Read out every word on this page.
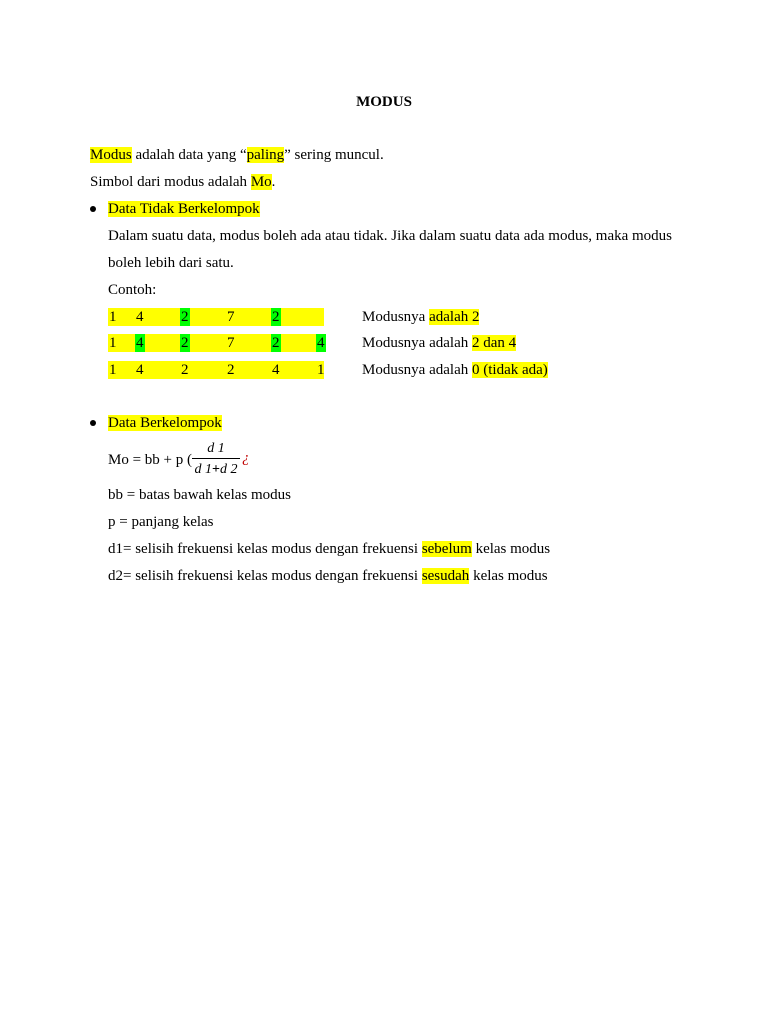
MODUS
Modus adalah data yang “paling” sering muncul.
Simbol dari modus adalah Mo.
Data Tidak Berkelompok
Dalam suatu data, modus boleh ada atau tidak. Jika dalam suatu data ada modus, maka modus
boleh lebih dari satu.
Contoh:
1 4	2	7	2	Modusnya adalah 2
1 4	2	7	2	4	Modusnya adalah 2 dan 4
1 4	2	2	4	1	Modusnya adalah 0 (tidak ada)
Data Berkelompok
Mo = bb + p (
d 1
d 1+d 2
¿
bb = batas bawah kelas modus
p = panjang kelas
d1= selisih frekuensi kelas modus dengan frekuensi sebelum kelas modus
d2= selisih frekuensi kelas modus dengan frekuensi sesudah kelas modus
